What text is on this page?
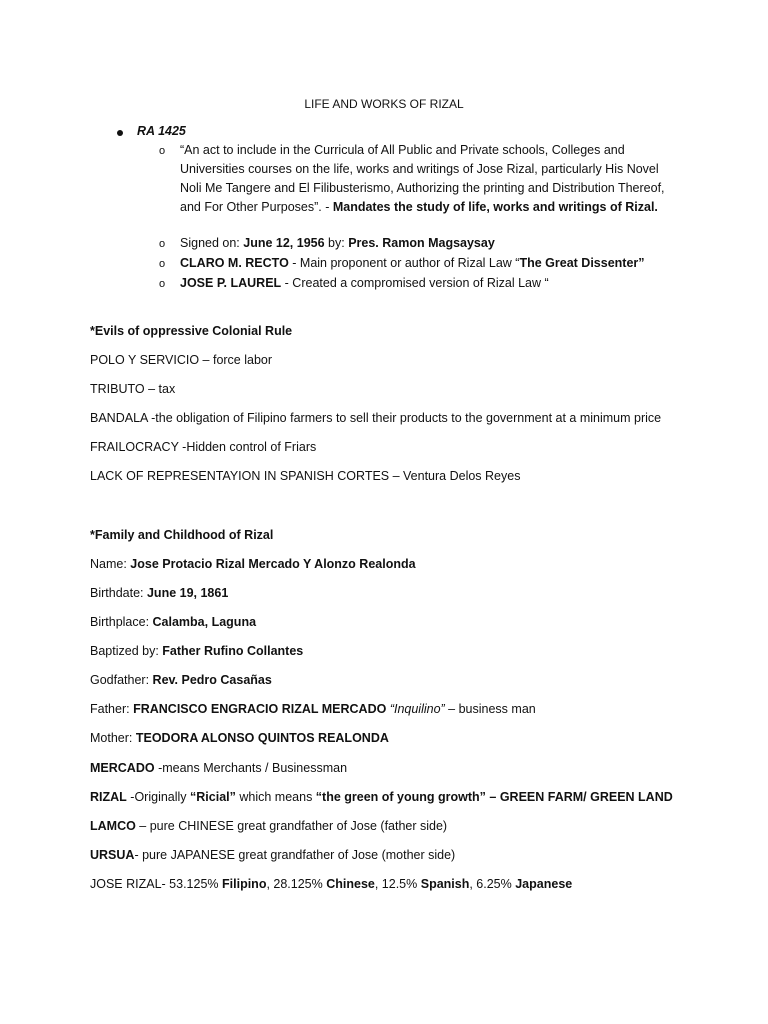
LIFE AND WORKS OF RIZAL
RA 1425
o “An act to include in the Curricula of All Public and Private schools, Colleges and Universities courses on the life, works and writings of Jose Rizal, particularly His Novel Noli Me Tangere and El Filibusterismo, Authorizing the printing and Distribution Thereof, and For Other Purposes”. - Mandates the study of life, works and writings of Rizal.
o Signed on: June 12, 1956 by: Pres. Ramon Magsaysay
o CLARO M. RECTO - Main proponent or author of Rizal Law “The Great Dissenter”
o JOSE P. LAUREL - Created a compromised version of Rizal Law “
*Evils of oppressive Colonial Rule
POLO Y SERVICIO – force labor
TRIBUTO – tax
BANDALA -the obligation of Filipino farmers to sell their products to the government at a minimum price
FRAILOCRACY -Hidden control of Friars
LACK OF REPRESENTAYION IN SPANISH CORTES – Ventura Delos Reyes
*Family and Childhood of Rizal
Name: Jose Protacio Rizal Mercado Y Alonzo Realonda
Birthdate: June 19, 1861
Birthplace: Calamba, Laguna
Baptized by: Father Rufino Collantes
Godfather: Rev. Pedro Casañas
Father: FRANCISCO ENGRACIO RIZAL MERCADO “Inquilino” – business man
Mother: TEODORA ALONSO QUINTOS REALONDA
MERCADO -means Merchants / Businessman
RIZAL -Originally “Ricial” which means “the green of young growth” – GREEN FARM/ GREEN LAND
LAMCO – pure CHINESE great grandfather of Jose (father side)
URSUA- pure JAPANESE great grandfather of Jose (mother side)
JOSE RIZAL- 53.125% Filipino, 28.125% Chinese, 12.5% Spanish, 6.25% Japanese
